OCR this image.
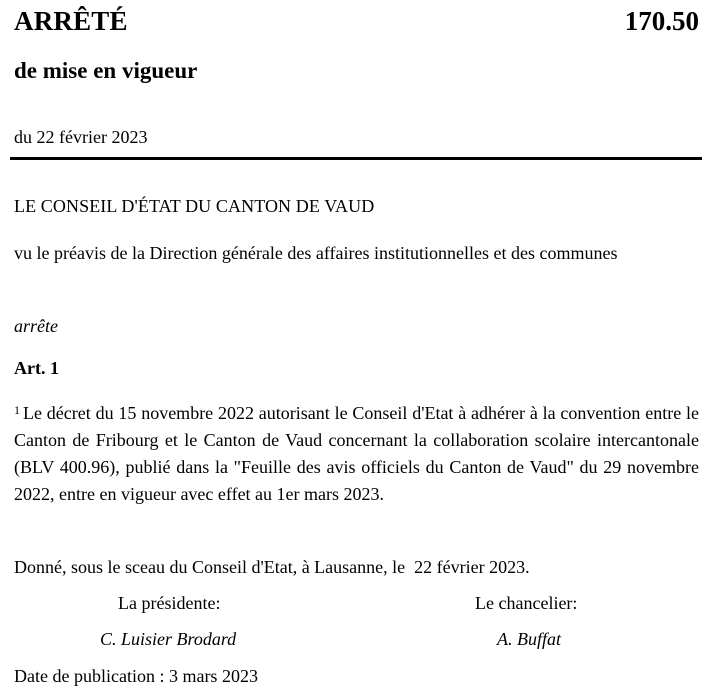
ARRÊTÉ	170.50
de mise en vigueur
du 22 février 2023
LE CONSEIL D'ÉTAT DU CANTON DE VAUD
vu le préavis de la Direction générale des affaires institutionnelles et des communes
arrête
Art. 1
$^1$ Le décret du 15 novembre 2022 autorisant le Conseil d'Etat à adhérer à la convention entre le Canton de Fribourg et le Canton de Vaud concernant la collaboration scolaire intercantonale (BLV 400.96), publié dans la "Feuille des avis officiels du Canton de Vaud" du 29 novembre 2022, entre en vigueur avec effet au 1er mars 2023.
Donné, sous le sceau du Conseil d'Etat, à Lausanne, le  22 février 2023.
La présidente:	Le chancelier:
C. Luisier Brodard	A. Buffat
Date de publication : 3 mars 2023
